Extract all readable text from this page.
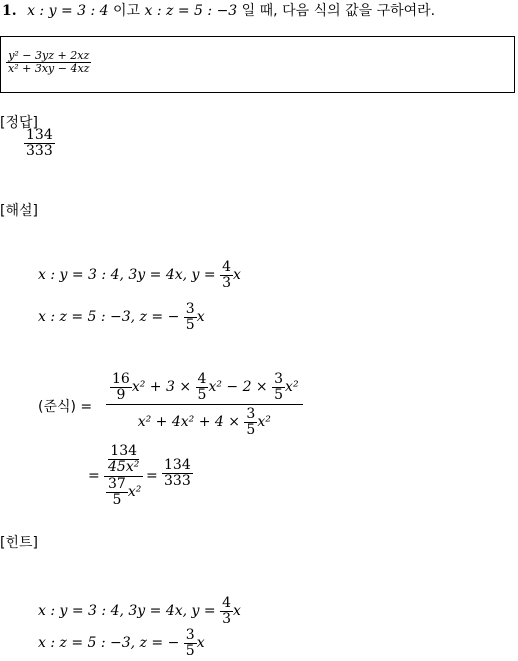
1. x : y = 3 : 4 이고 x : z = 5 : −3 일 때, 다음 식의 값을 구하여라.
$\frac{\text{y² − 3yz + 2xz}}{\text{x² + 3xy − 4xz}}$
[정답]
$\frac{134}{333}$
[해설]
x : y = 3 : 4, 3y = 4x, $y = \frac{4}{3}$ x
x : z = 5 : −3, z = − $\frac{3}{5}$ x
(준식) = $\frac{\frac{16}{9} x^2 + 3 \times \frac{4}{5} x^2 - 2 \times \frac{3}{5} x^2}{x^2 + 4x^2 + 4 \times \frac{3}{5} x^2}$
= $\frac{\frac{134}{\text{45x²}}}{\frac{37}{5} x^2} = \frac{134}{333}$
[힌트]
x : y = 3 : 4, 3y = 4x, $y = \frac{4}{3}$ x
x : z = 5 : −3, z = − $\frac{3}{5}$ x
